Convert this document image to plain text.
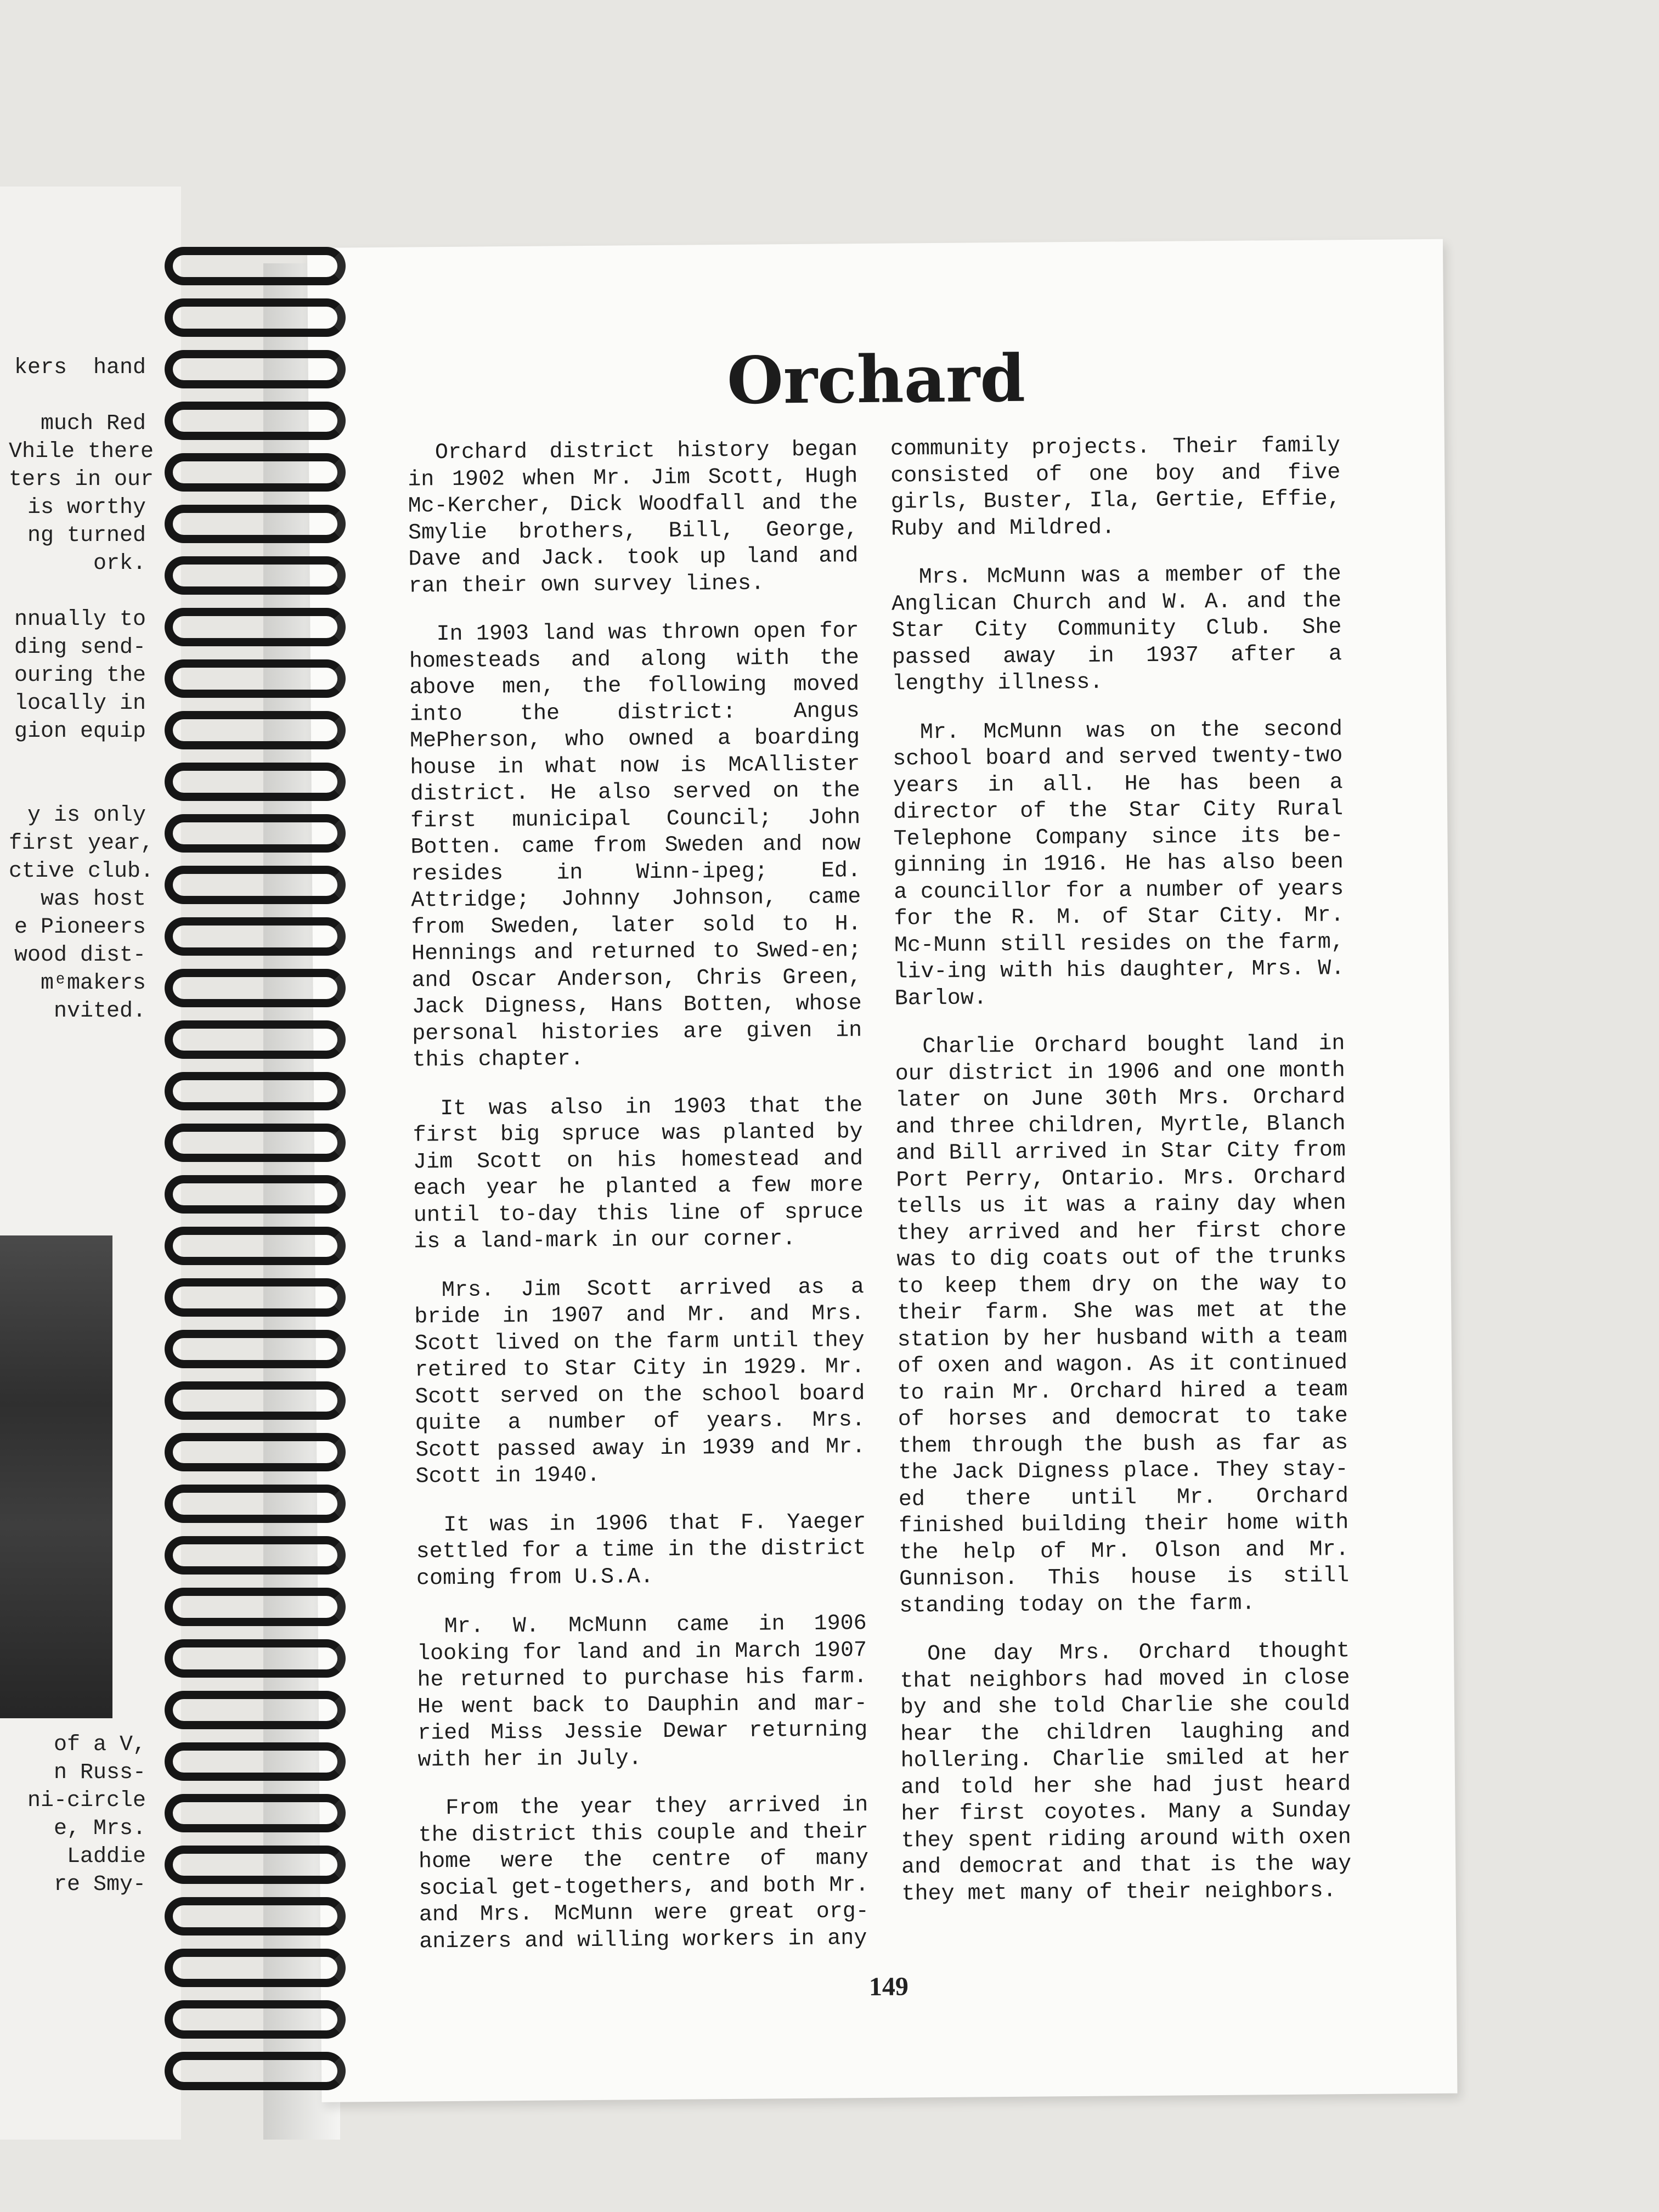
kers  hand

much Red
Vhile there
ters in our
is worthy
ng turned
ork.

nnually to
ding send-
ouring the
locally in
gion equip

y is only
first year,
ctive club.
was host
e Pioneers
wood dist-
mᵉmakers
nvited.
of a V,
n Russ-
ni-circle
e, Mrs.
Laddie
re Smy-
Orchard

Orchard district history began in 1902 when Mr. Jim Scott, Hugh Mc-Kercher, Dick Woodfall and the Smylie brothers, Bill, George, Dave and Jack. took up land and ran their own survey lines.

In 1903 land was thrown open for homesteads and along with the above men, the following moved into the district: Angus MePherson, who owned a boarding house in what now is McAllister district. He also served on the first municipal Council; John Botten. came from Sweden and now resides in Winn-ipeg; Ed. Attridge; Johnny Johnson, came from Sweden, later sold to H. Hennings and returned to Swed-en; and Oscar Anderson, Chris Green, Jack Digness, Hans Botten, whose personal histories are given in this chapter.

It was also in 1903 that the first big spruce was planted by Jim Scott on his homestead and each year he planted a few more until to-day this line of spruce is a land-mark in our corner.

Mrs. Jim Scott arrived as a bride in 1907 and Mr. and Mrs. Scott lived on the farm until they retired to Star City in 1929. Mr. Scott served on the school board quite a number of years. Mrs. Scott passed away in 1939 and Mr. Scott in 1940.

It was in 1906 that F. Yaeger settled for a time in the district coming from U.S.A.

Mr. W. McMunn came in 1906 looking for land and in March 1907 he returned to purchase his farm. He went back to Dauphin and mar-ried Miss Jessie Dewar returning with her in July.

From the year they arrived in the district this couple and their home were the centre of many social get-togethers, and both Mr. and Mrs. McMunn were great org-anizers and willing workers in any

community projects. Their family consisted of one boy and five girls, Buster, Ila, Gertie, Effie, Ruby and Mildred.

Mrs. McMunn was a member of the Anglican Church and W. A. and the Star City Community Club. She passed away in 1937 after a lengthy illness.

Mr. McMunn was on the second school board and served twenty-two years in all. He has been a director of the Star City Rural Telephone Company since its be-ginning in 1916. He has also been a councillor for a number of years for the R. M. of Star City. Mr. Mc-Munn still resides on the farm, liv-ing with his daughter, Mrs. W. Barlow.

Charlie Orchard bought land in our district in 1906 and one month later on June 30th Mrs. Orchard and three children, Myrtle, Blanch and Bill arrived in Star City from Port Perry, Ontario. Mrs. Orchard tells us it was a rainy day when they arrived and her first chore was to dig coats out of the trunks to keep them dry on the way to their farm. She was met at the station by her husband with a team of oxen and wagon. As it continued to rain Mr. Orchard hired a team of horses and democrat to take them through the bush as far as the Jack Digness place. They stay-ed there until Mr. Orchard finished building their home with the help of Mr. Olson and Mr. Gunnison. This house is still standing today on the farm.

One day Mrs. Orchard thought that neighbors had moved in close by and she told Charlie she could hear the children laughing and hollering. Charlie smiled at her and told her she had just heard her first coyotes. Many a Sunday they spent riding around with oxen and democrat and that is the way they met many of their neighbors.

149
